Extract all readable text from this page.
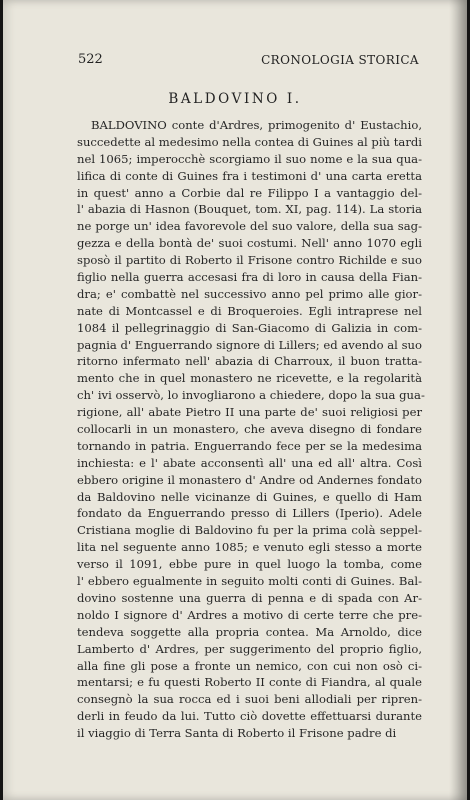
522	CRONOLOGIA STORICA
BALDOVINO I.
BALDOVINO conte d'Ardres, primogenito d' Eustachio,
succedette al medesimo nella contea di Guines al più tardi
nel 1065; imperocchè scorgiamo il suo nome e la sua qua-
lifica di conte di Guines fra i testimoni d' una carta eretta
in quest' anno a Corbie dal re Filippo I a vantaggio del-
l' abazia di Hasnon (Bouquet, tom. XI, pag. 114). La storia
ne porge un' idea favorevole del suo valore, della sua sag-
gezza e della bontà de' suoi costumi. Nell' anno 1070 egli
sposò il partito di Roberto il Frisone contro Richilde e suo
figlio nella guerra accesasi fra di loro in causa della Fian-
dra; e' combattè nel successivo anno pel primo alle gior-
nate di Montcassel e di Broqueroies. Egli intraprese nel
1084 il pellegrinaggio di San-Giacomo di Galizia in com-
pagnia d' Enguerrando signore di Lillers; ed avendo al suo
ritorno infermato nell' abazia di Charroux, il buon tratta-
mento che in quel monastero ne ricevette, e la regolarità
ch' ivi osservò, lo invogliarono a chiedere, dopo la sua gua-
rigione, all' abate Pietro II una parte de' suoi religiosi per
collocarli in un monastero, che aveva disegno di fondare
tornando in patria. Enguerrando fece per se la medesima
inchiesta: e l' abate acconsentì all' una ed all' altra. Così
ebbero origine il monastero d' Andre od Andernes fondato
da Baldovino nelle vicinanze di Guines, e quello di Ham
fondato da Enguerrando presso di Lillers (Iperio). Adele
Cristiana moglie di Baldovino fu per la prima colà seppel-
lita nel seguente anno 1085; e venuto egli stesso a morte
verso il 1091, ebbe pure in quel luogo la tomba, come
l' ebbero egualmente in seguito molti conti di Guines. Bal-
dovino sostenne una guerra di penna e di spada con Ar-
noldo I signore d' Ardres a motivo di certe terre che pre-
tendeva soggette alla propria contea. Ma Arnoldo, dice
Lamberto d' Ardres, per suggerimento del proprio figlio,
alla fine gli pose a fronte un nemico, con cui non osò ci-
mentarsi; e fu questi Roberto II conte di Fiandra, al quale
consegnò la sua rocca ed i suoi beni allodiali per ripren-
derli in feudo da lui. Tutto ciò dovette effettuarsi durante
il viaggio di Terra Santa di Roberto il Frisone padre di
